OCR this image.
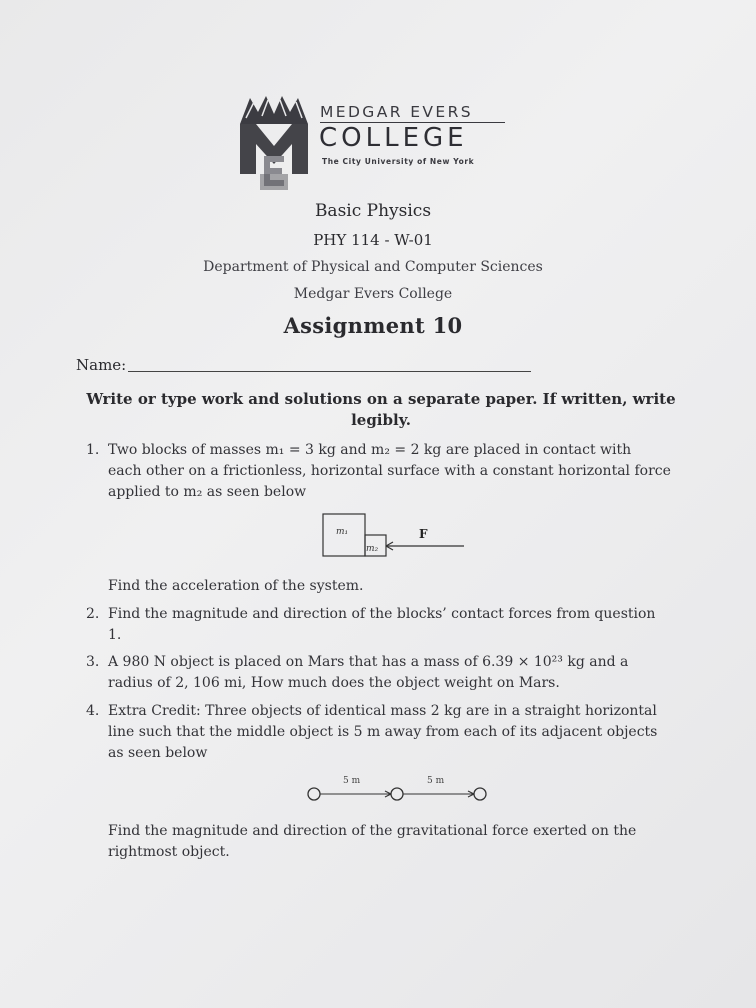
MEDGAR EVERS
COLLEGE
The City University of New York
Basic Physics
PHY 114 - W-01
Department of Physical and Computer Sciences
Medgar Evers College
Assignment 10
Name:
Write or type work and solutions on a separate paper. If written, write legibly.
1. Two blocks of masses m₁ = 3 kg and m₂ = 2 kg are placed in contact with
each other on a frictionless, horizontal surface with a constant horizontal force
applied to m₂ as seen below
m₁
m₂
F
Find the acceleration of the system.
2. Find the magnitude and direction of the blocks’ contact forces from question
1.
3. A 980 N object is placed on Mars that has a mass of 6.39 × 10²³ kg and a
radius of 2, 106 mi, How much does the object weight on Mars.
4. Extra Credit: Three objects of identical mass 2 kg are in a straight horizontal
line such that the middle object is 5 m away from each of its adjacent objects
as seen below
5 m	5 m
Find the magnitude and direction of the gravitational force exerted on the
rightmost object.
